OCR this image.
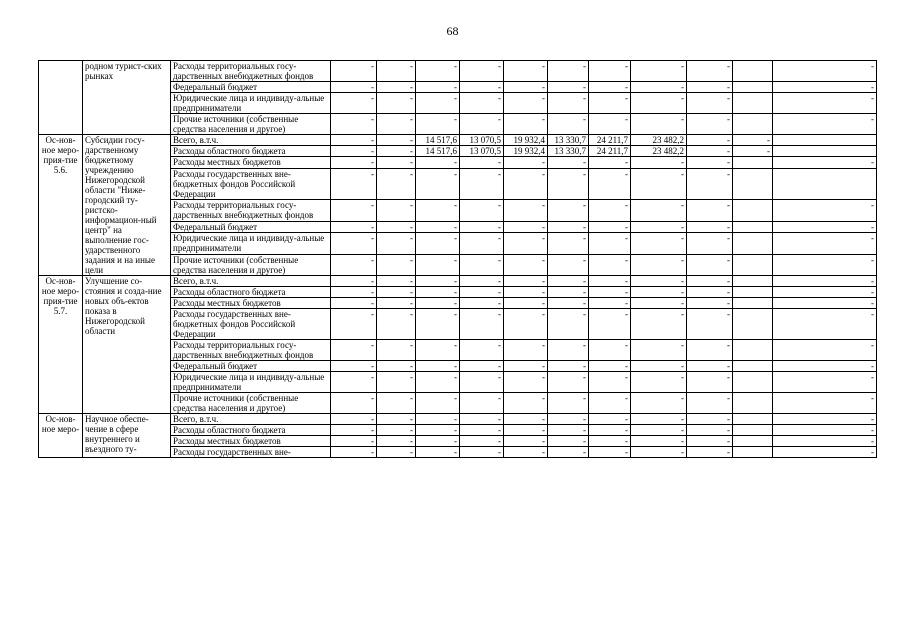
68
	родном турист-ских рынках	Расходы территориальных госу-дарственных внебюджетных фондов	-	-	-	-	-	-	-	-	-		-
		Федеральный бюджет	-	-	-	-	-	-	-	-	-		-
		Юридические лица и индивиду-альные предприниматели	-	-	-	-	-	-	-	-	-		-
		Прочие источники (собственные средства населения и другое)	-	-	-	-	-	-	-	-	-		-
Ос-нов-ное меро-прия-тие 5.6.	Субсидии госу-дарственному бюджетному учреждению Нижегородской области "Ниже-городский ту-ристско-информацион-ный центр" на выполнение гос-ударственного задания и на иные цели	Всего, в.т.ч.	-	-	14 517,6	13 070,5	19 932,4	13 330,7	24 211,7	23 482,2	-	-	
		Расходы областного бюджета	-	-	14 517,6	13 070,5	19 932,4	13 330,7	24 211,7	23 482,2	-	-	
		Расходы местных бюджетов	-	-	-	-	-	-	-	-	-		-
		Расходы государственных вне-бюджетных фондов Российской Федерации	-	-	-	-	-	-	-	-	-		
		Расходы территориальных госу-дарственных внебюджетных фондов	-	-	-	-	-	-	-	-	-		-
		Федеральный бюджет	-	-	-	-	-	-	-	-	-		-
		Юридические лица и индивиду-альные предприниматели	-	-	-	-	-	-	-	-	-		-
		Прочие источники (собственные средства населения и другое)	-	-	-	-	-	-	-	-	-		-
Ос-нов-ное меро-прия-тие 5.7.	Улучшение со-стояния и созда-ние новых объ-ектов показа в Нижегородской области	Всего, в.т.ч.	-	-	-	-	-	-	-	-	-		-
		Расходы областного бюджета	-	-	-	-	-	-	-	-	-		-
		Расходы местных бюджетов	-	-	-	-	-	-	-	-	-		-
		Расходы государственных вне-бюджетных фондов Российской Федерации	-	-	-	-	-	-	-	-	-		-
		Расходы территориальных госу-дарственных внебюджетных фондов	-	-	-	-	-	-	-	-	-		-
		Федеральный бюджет	-	-	-	-	-	-	-	-	-		-
		Юридические лица и индивиду-альные предприниматели	-	-	-	-	-	-	-	-	-		-
		Прочие источники (собственные средства населения и другое)	-	-	-	-	-	-	-	-	-		-
Ос-нов-ное меро-	Научное обеспе-чение в сфере внутреннего и въездного ту-	Всего, в.т.ч.	-	-	-	-	-	-	-	-	-		-
		Расходы областного бюджета	-	-	-	-	-	-	-	-	-		-
		Расходы местных бюджетов	-	-	-	-	-	-	-	-	-		-
		Расходы государственных вне-	-	-	-	-	-	-	-	-	-		-
